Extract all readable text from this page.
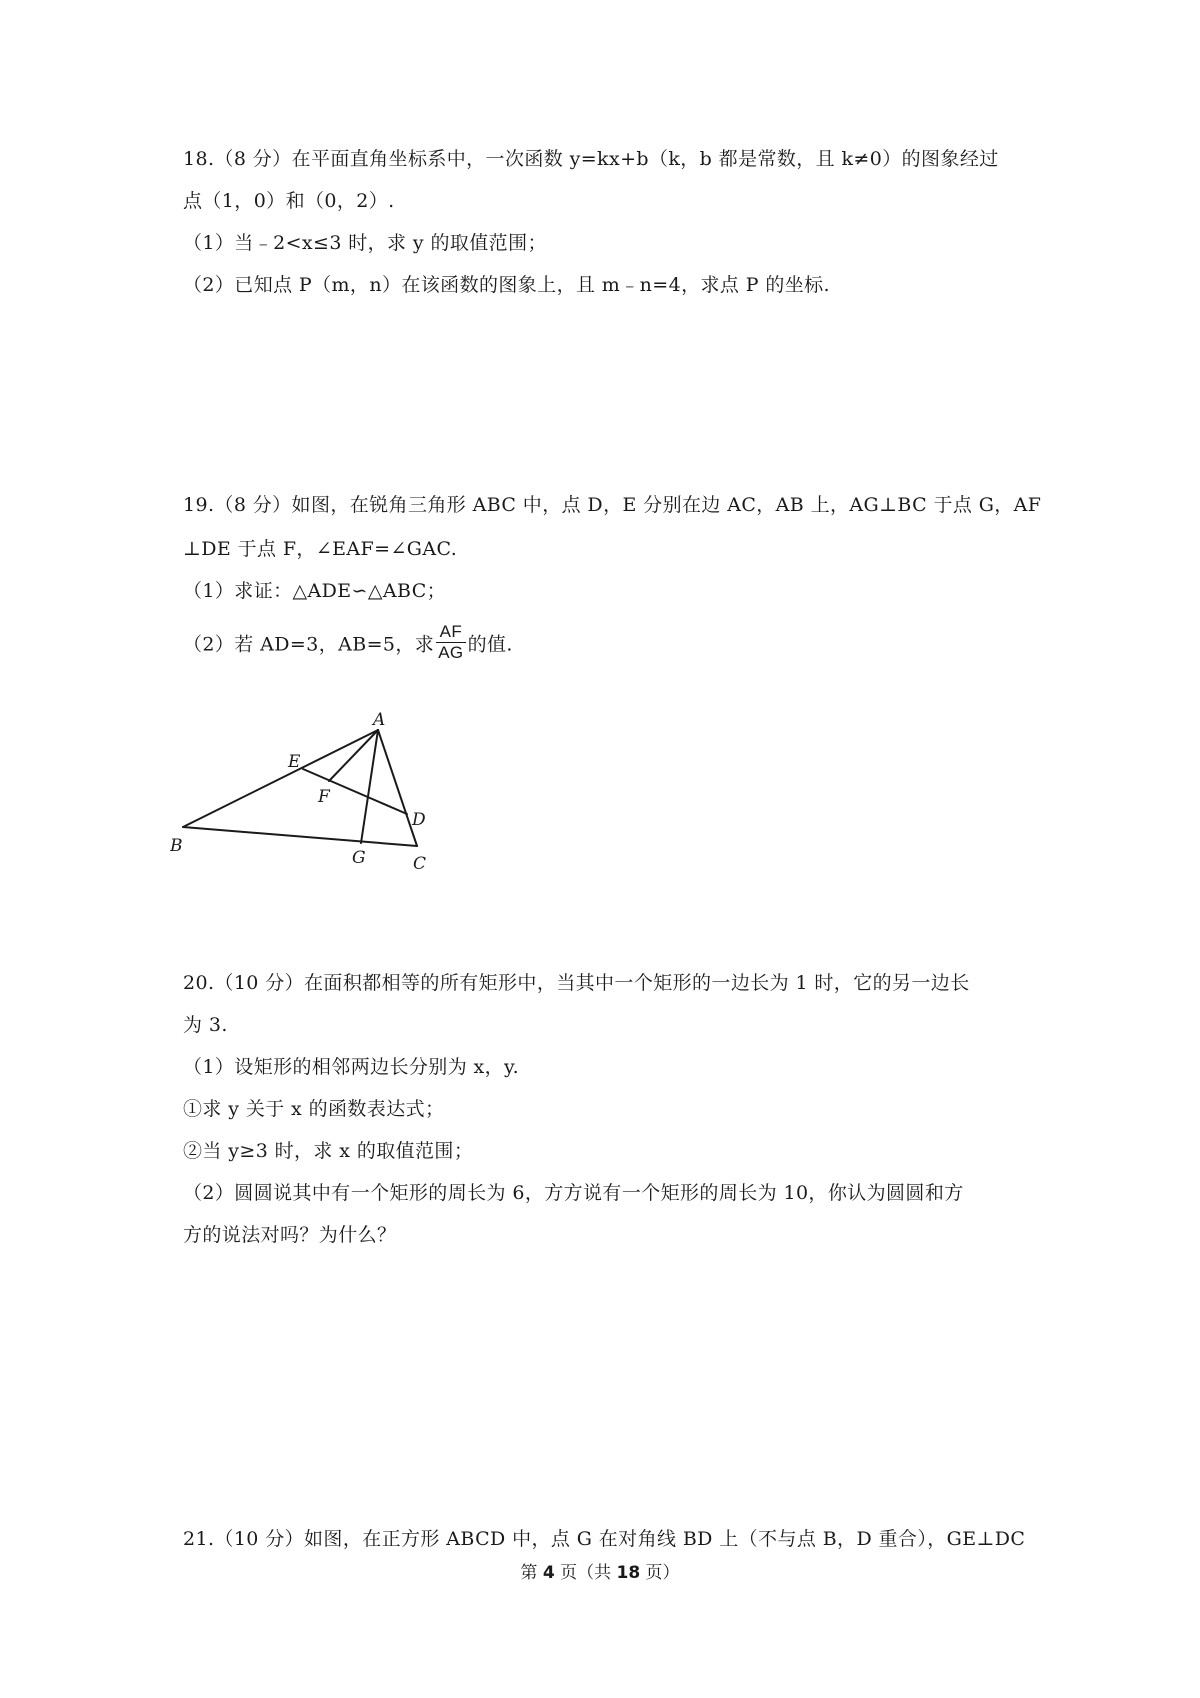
18.（8 分）在平面直角坐标系中，一次函数 y=kx+b（k，b 都是常数，且 k≠0）的图象经过
点（1，0）和（0，2）.
（1）当﹣2<x≤3 时，求 y 的取值范围；
（2）已知点 P（m，n）在该函数的图象上，且 m﹣n=4，求点 P 的坐标.
19.（8 分）如图，在锐角三角形 ABC 中，点 D，E 分别在边 AC，AB 上，AG⊥BC 于点 G，AF
⊥DE 于点 F，∠EAF=∠GAC.
（1）求证：△ADE∽△ABC；
（2）若 AD=3，AB=5，求 $\frac{AF}{AG}$ 的值.
A
E
F
D
B
G	C
20.（10 分）在面积都相等的所有矩形中，当其中一个矩形的一边长为 1 时，它的另一边长
为 3.
（1）设矩形的相邻两边长分别为 x，y.
①求 y 关于 x 的函数表达式；
②当 y≥3 时，求 x 的取值范围；
（2）圆圆说其中有一个矩形的周长为 6，方方说有一个矩形的周长为 10，你认为圆圆和方
方的说法对吗？为什么？
21.（10 分）如图，在正方形 ABCD 中，点 G 在对角线 BD 上（不与点 B，D 重合），GE⊥DC
第 4 页（共 18 页）
